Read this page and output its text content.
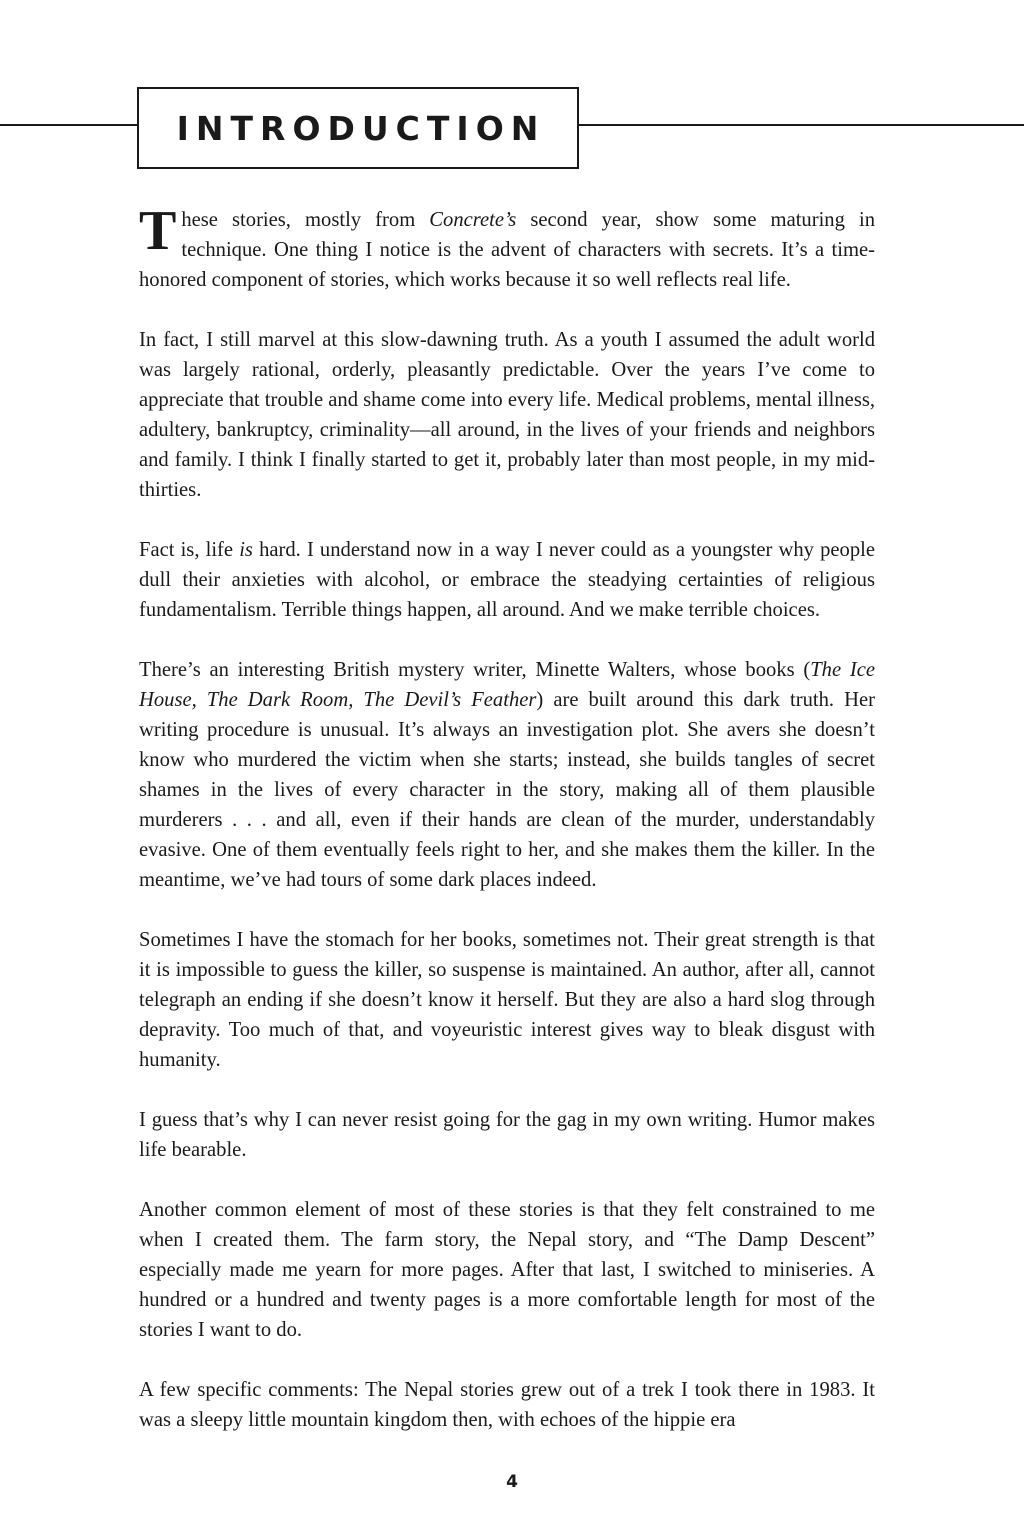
INTRODUCTION

These stories, mostly from Concrete’s second year, show some maturing in technique. One thing I notice is the advent of characters with secrets. It’s a time-honored component of stories, which works because it so well reflects real life.

In fact, I still marvel at this slow-dawning truth. As a youth I assumed the adult world was largely rational, orderly, pleasantly predictable. Over the years I’ve come to appreciate that trouble and shame come into every life. Medical problems, mental illness, adultery, bankruptcy, criminality—all around, in the lives of your friends and neighbors and family. I think I finally started to get it, probably later than most people, in my mid-thirties.

Fact is, life is hard. I understand now in a way I never could as a youngster why people dull their anxieties with alcohol, or embrace the steadying certainties of religious fundamentalism. Terrible things happen, all around. And we make terrible choices.

There’s an interesting British mystery writer, Minette Walters, whose books (The Ice House, The Dark Room, The Devil’s Feather) are built around this dark truth. Her writing procedure is unusual. It’s always an investigation plot. She avers she doesn’t know who murdered the victim when she starts; instead, she builds tangles of secret shames in the lives of every character in the story, making all of them plausible murderers . . . and all, even if their hands are clean of the murder, understandably evasive. One of them eventually feels right to her, and she makes them the killer. In the meantime, we’ve had tours of some dark places indeed.

Sometimes I have the stomach for her books, sometimes not. Their great strength is that it is impossible to guess the killer, so suspense is maintained. An author, after all, cannot telegraph an ending if she doesn’t know it herself. But they are also a hard slog through depravity. Too much of that, and voyeuristic interest gives way to bleak disgust with humanity.

I guess that’s why I can never resist going for the gag in my own writing. Humor makes life bearable.

Another common element of most of these stories is that they felt constrained to me when I created them. The farm story, the Nepal story, and “The Damp Descent” especially made me yearn for more pages. After that last, I switched to miniseries. A hundred or a hundred and twenty pages is a more comfortable length for most of the stories I want to do.

A few specific comments: The Nepal stories grew out of a trek I took there in 1983. It was a sleepy little mountain kingdom then, with echoes of the hippie era

4
